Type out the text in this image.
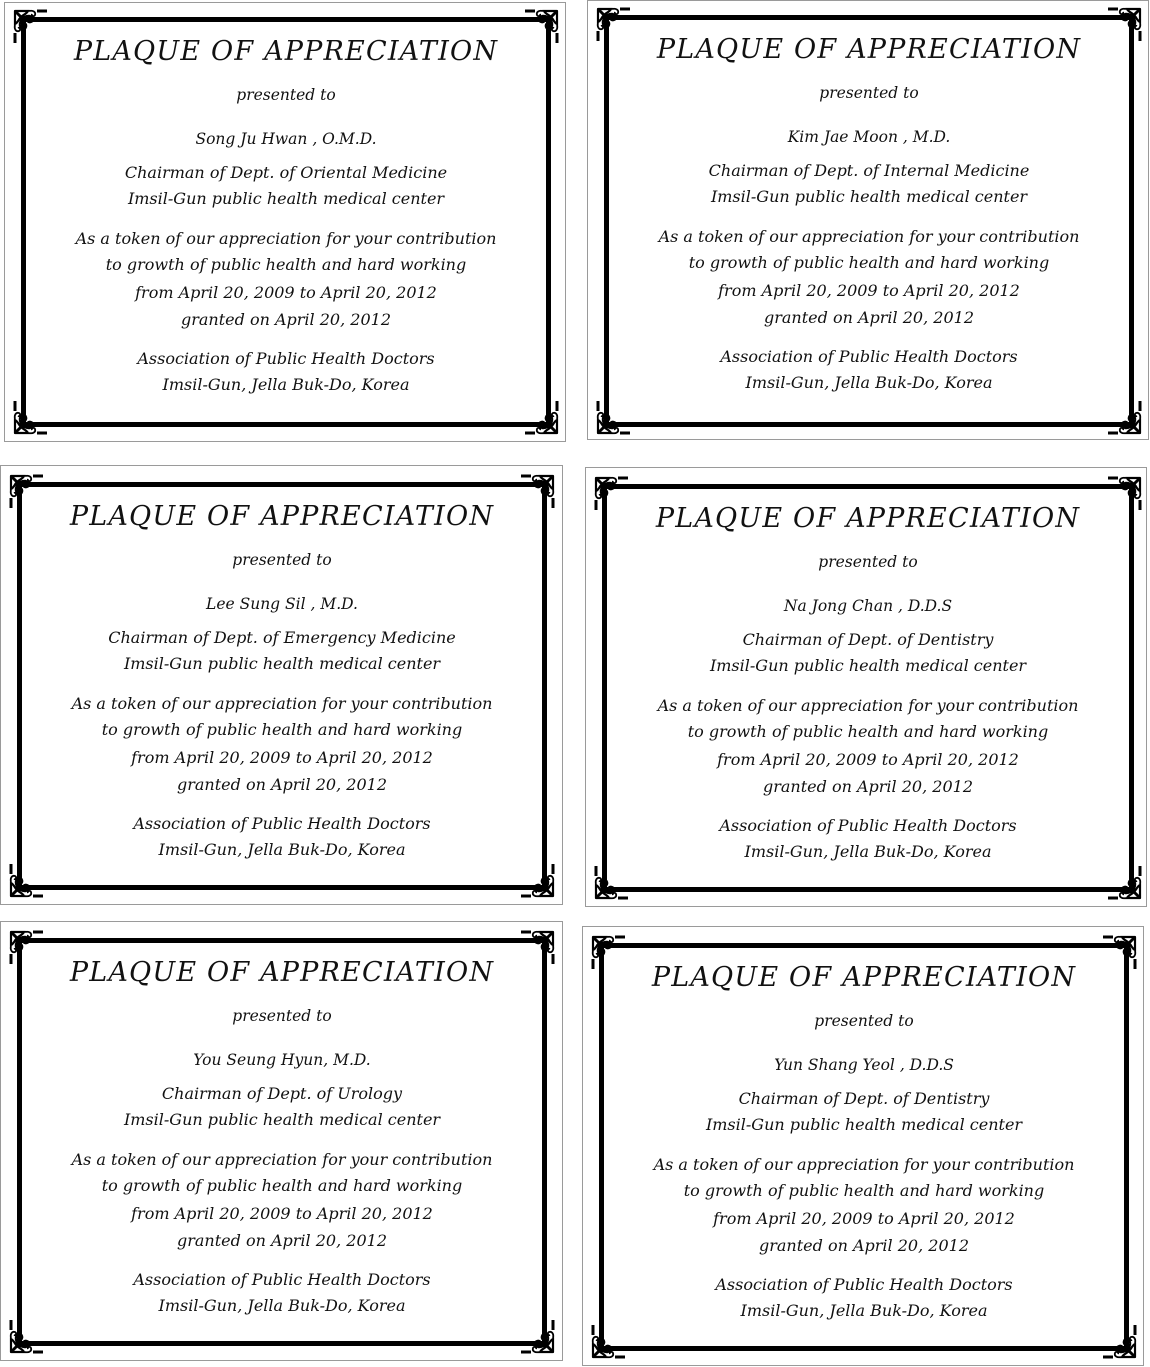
PLAQUE OF APPRECIATION
presented to
Song Ju Hwan , O.M.D.
Chairman of Dept. of Oriental Medicine
Imsil-Gun public health medical center
As a token of our appreciation for your contribution
to growth of public health and hard working
from April 20, 2009 to April 20, 2012
granted on April 20, 2012
Association of Public Health Doctors
Imsil-Gun, Jella Buk-Do, Korea
PLAQUE OF APPRECIATION
presented to
Kim Jae Moon , M.D.
Chairman of Dept. of Internal Medicine
Imsil-Gun public health medical center
As a token of our appreciation for your contribution
to growth of public health and hard working
from April 20, 2009 to April 20, 2012
granted on April 20, 2012
Association of Public Health Doctors
Imsil-Gun, Jella Buk-Do, Korea
PLAQUE OF APPRECIATION
presented to
Lee Sung Sil , M.D.
Chairman of Dept. of Emergency Medicine
Imsil-Gun public health medical center
As a token of our appreciation for your contribution
to growth of public health and hard working
from April 20, 2009 to April 20, 2012
granted on April 20, 2012
Association of Public Health Doctors
Imsil-Gun, Jella Buk-Do, Korea
PLAQUE OF APPRECIATION
presented to
Na Jong Chan , D.D.S
Chairman of Dept. of Dentistry
Imsil-Gun public health medical center
As a token of our appreciation for your contribution
to growth of public health and hard working
from April 20, 2009 to April 20, 2012
granted on April 20, 2012
Association of Public Health Doctors
Imsil-Gun, Jella Buk-Do, Korea
PLAQUE OF APPRECIATION
presented to
You Seung Hyun, M.D.
Chairman of Dept. of Urology
Imsil-Gun public health medical center
As a token of our appreciation for your contribution
to growth of public health and hard working
from April 20, 2009 to April 20, 2012
granted on April 20, 2012
Association of Public Health Doctors
Imsil-Gun, Jella Buk-Do, Korea
PLAQUE OF APPRECIATION
presented to
Yun Shang Yeol , D.D.S
Chairman of Dept. of Dentistry
Imsil-Gun public health medical center
As a token of our appreciation for your contribution
to growth of public health and hard working
from April 20, 2009 to April 20, 2012
granted on April 20, 2012
Association of Public Health Doctors
Imsil-Gun, Jella Buk-Do, Korea
